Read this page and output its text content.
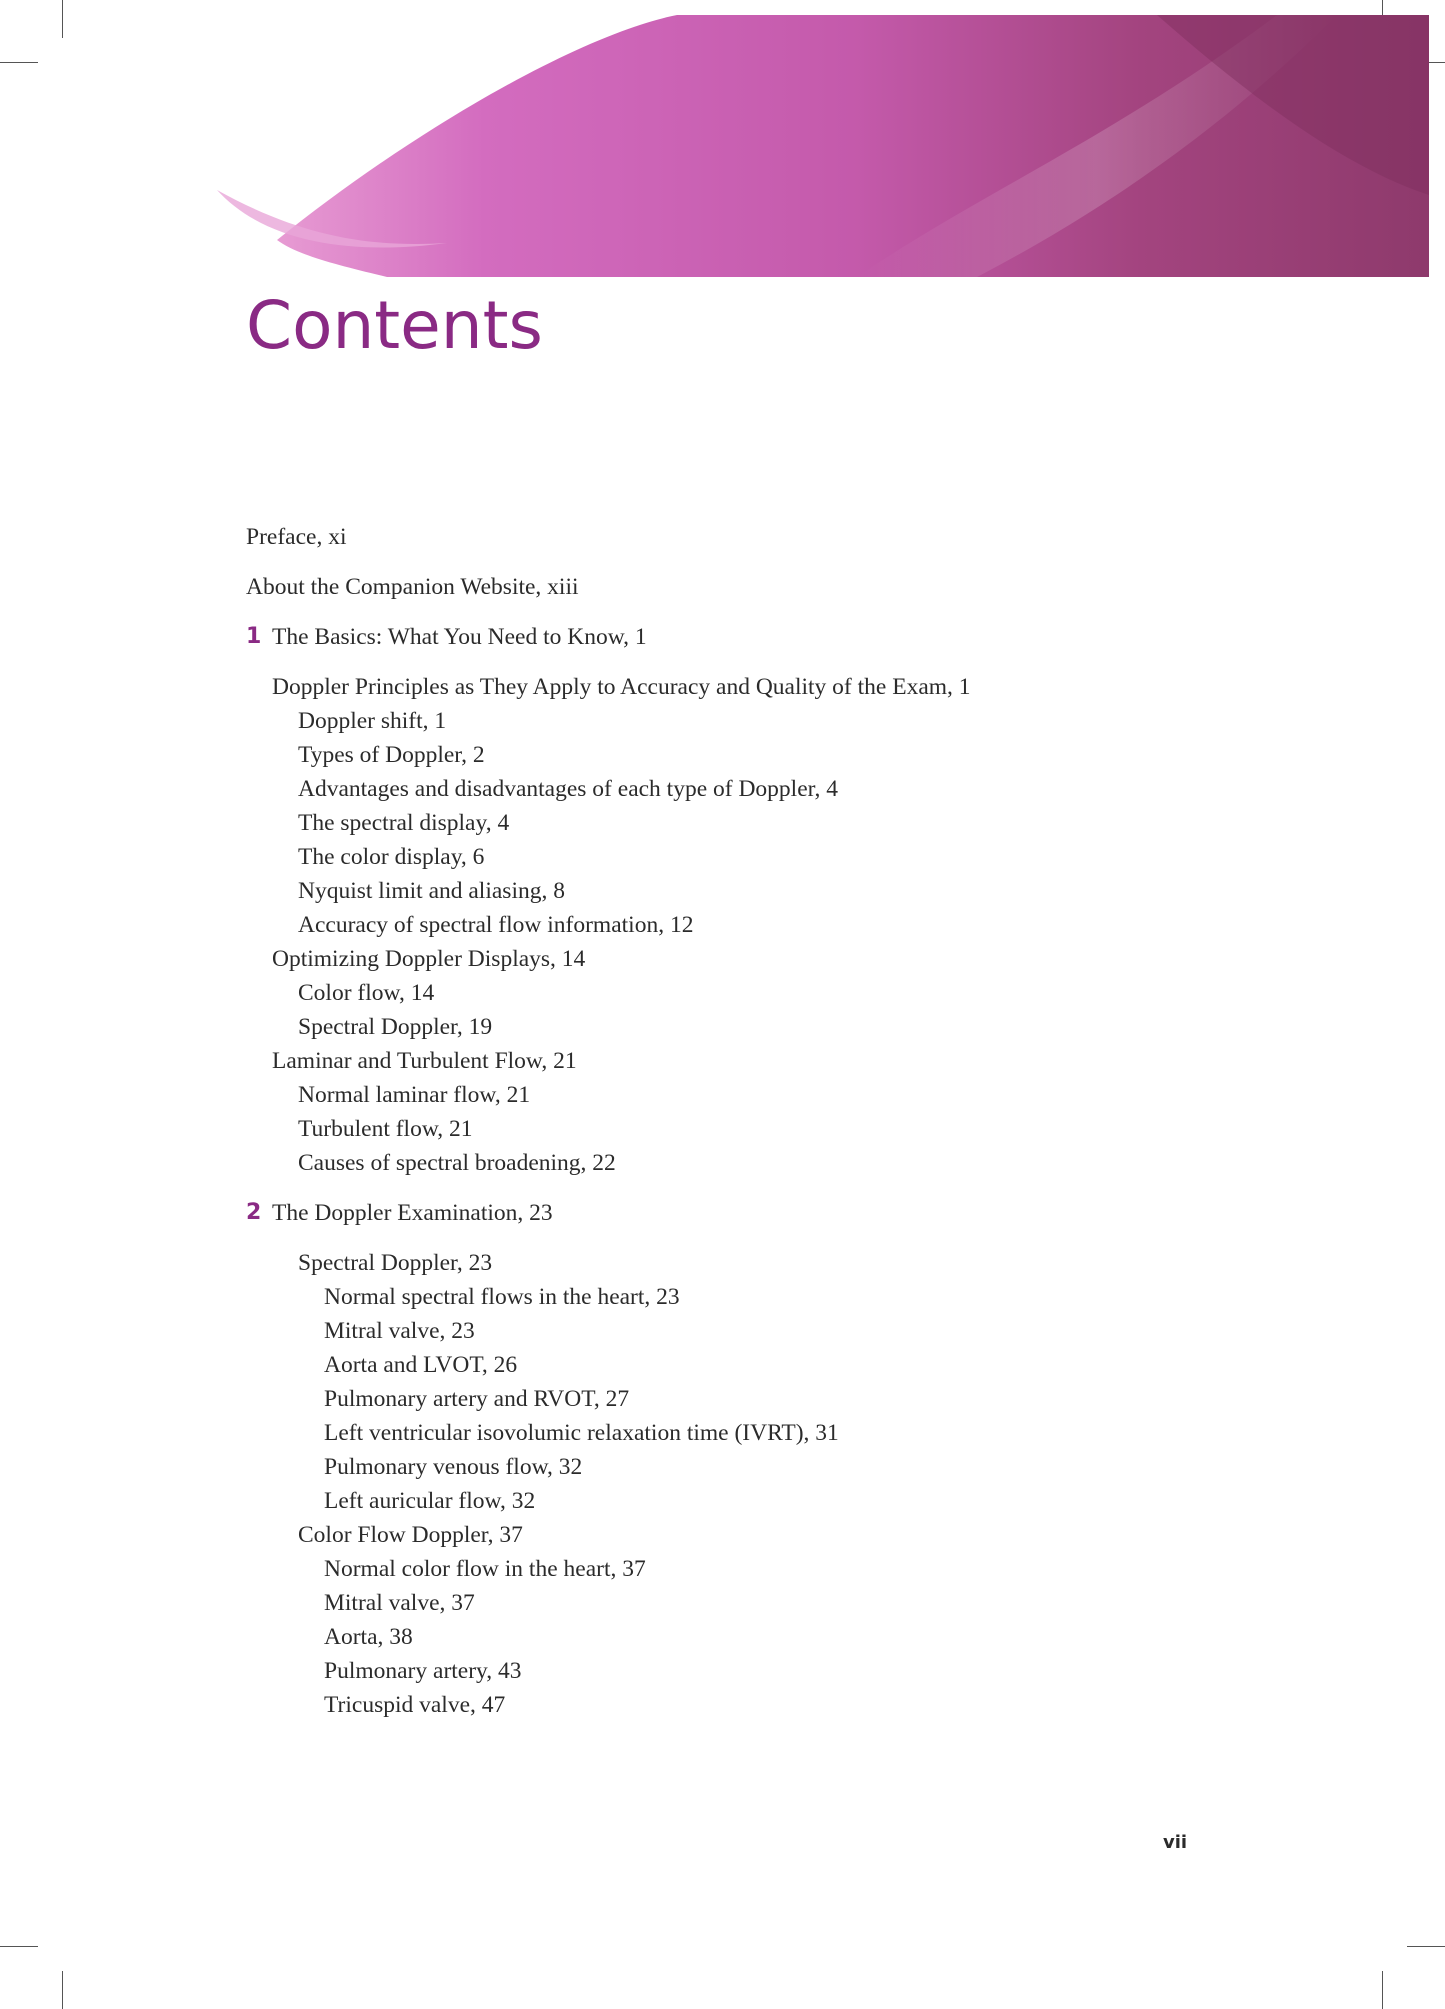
Contents
Preface, xi
About the Companion Website, xiii
1 The Basics: What You Need to Know, 1
Doppler Principles as They Apply to Accuracy and Quality of the Exam, 1
Doppler shift, 1
Types of Doppler, 2
Advantages and disadvantages of each type of Doppler, 4
The spectral display, 4
The color display, 6
Nyquist limit and aliasing, 8
Accuracy of spectral flow information, 12
Optimizing Doppler Displays, 14
Color flow, 14
Spectral Doppler, 19
Laminar and Turbulent Flow, 21
Normal laminar flow, 21
Turbulent flow, 21
Causes of spectral broadening, 22
2 The Doppler Examination, 23
Spectral Doppler, 23
Normal spectral flows in the heart, 23
Mitral valve, 23
Aorta and LVOT, 26
Pulmonary artery and RVOT, 27
Left ventricular isovolumic relaxation time (IVRT), 31
Pulmonary venous flow, 32
Left auricular flow, 32
Color Flow Doppler, 37
Normal color flow in the heart, 37
Mitral valve, 37
Aorta, 38
Pulmonary artery, 43
Tricuspid valve, 47
vii
